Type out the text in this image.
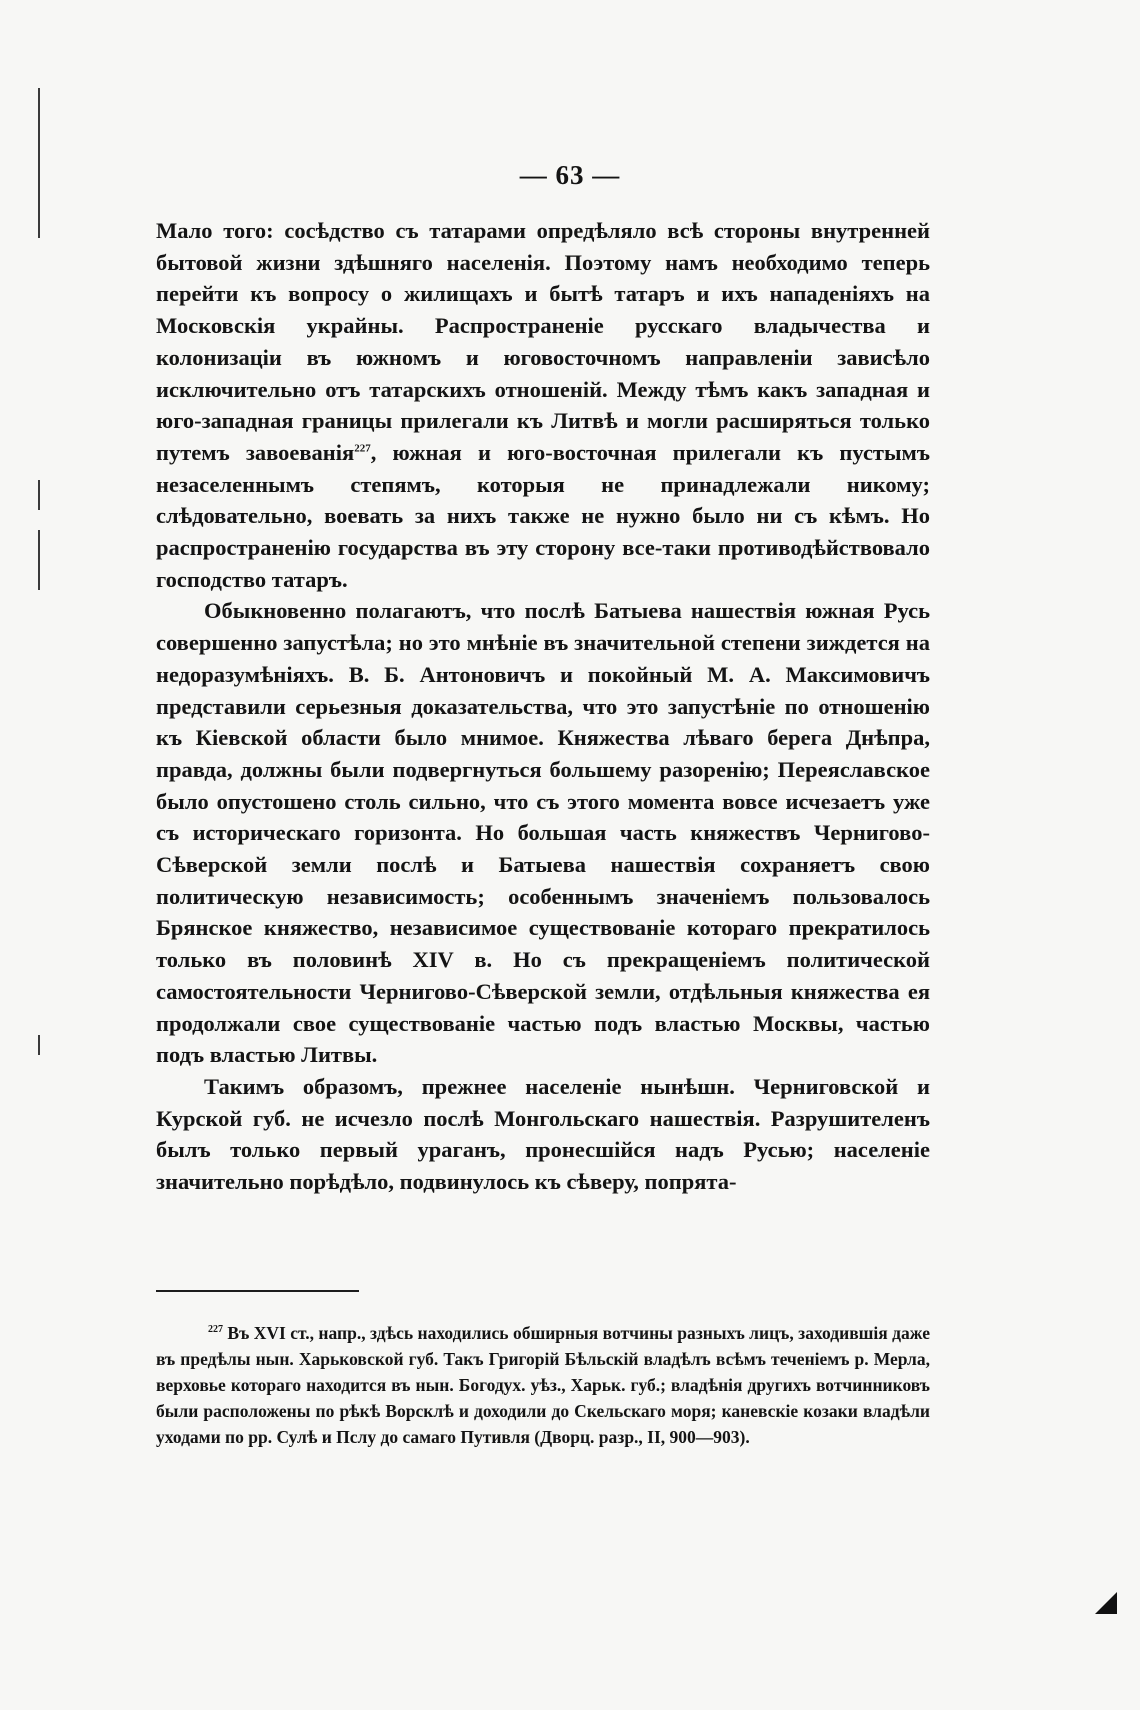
— 63 —

Мало того: сосѣдство съ татарами опредѣляло всѣ стороны внутренней бытовой жизни здѣшняго населенія. Поэтому намъ необходимо теперь перейти къ вопросу о жилищахъ и бытѣ татаръ и ихъ нападеніяхъ на Московскія украйны. Распространеніе русскаго владычества и колонизаціи въ южномъ и юговосточномъ направленіи зависѣло исключительно отъ татарскихъ отношеній. Между тѣмъ какъ западная и юго-западная границы прилегали къ Литвѣ и могли расширяться только путемъ завоеванія$^{227}$, южная и юго-восточная прилегали къ пустымъ незаселеннымъ степямъ, которыя не принадлежали никому; слѣдовательно, воевать за нихъ также не нужно было ни съ кѣмъ. Но распространенію государства въ эту сторону все-таки противодѣйствовало господство татаръ.

Обыкновенно полагаютъ, что послѣ Батыева нашествія южная Русь совершенно запустѣла; но это мнѣніе въ значительной степени зиждется на недоразумѣніяхъ. В. Б. Антоновичъ и покойный М. А. Максимовичъ представили серьезныя доказательства, что это запустѣніе по отношенію къ Кіевской области было мнимое. Княжества лѣваго берега Днѣпра, правда, должны были подвергнуться большему разоренію; Переяславское было опустошено столь сильно, что съ этого момента вовсе исчезаетъ уже съ историческаго горизонта. Но большая часть княжествъ Черниговo-Сѣверской земли послѣ и Батыева нашествія сохраняетъ свою политическую независимость; особеннымъ значеніемъ пользовалось Брянское княжество, независимое существованіе котораго прекратилось только въ половинѣ XIV в. Но съ прекращеніемъ политической самостоятельности Черниговo-Сѣверской земли, отдѣльныя княжества ея продолжали свое существованіе частью подъ властью Москвы, частью подъ властью Литвы.

Такимъ образомъ, прежнее населеніе нынѣшн. Черниговской и Курской губ. не исчезло послѣ Монгольскаго нашествія. Разрушителенъ былъ только первый ураганъ, пронесшійся надъ Русью; населеніе значительно порѣдѣло, подвинулось къ сѣверу, попрята-

$^{227}$ Въ XVI ст., напр., здѣсь находились обширныя вотчины разныхъ лицъ, заходившія даже въ предѣлы нын. Харьковской губ. Такъ Григорій Бѣльскій владѣлъ всѣмъ теченіемъ р. Мерла, верховье котораго находится въ нын. Богодух. уѣз., Харьк. губ.; владѣнія другихъ вотчинниковъ были расположены по рѣкѣ Ворсклѣ и доходили до Скельскаго моря; каневскіе козаки владѣли уходами по рр. Сулѣ и Пслу до самаго Путивля (Дворц. разр., II, 900—903).
